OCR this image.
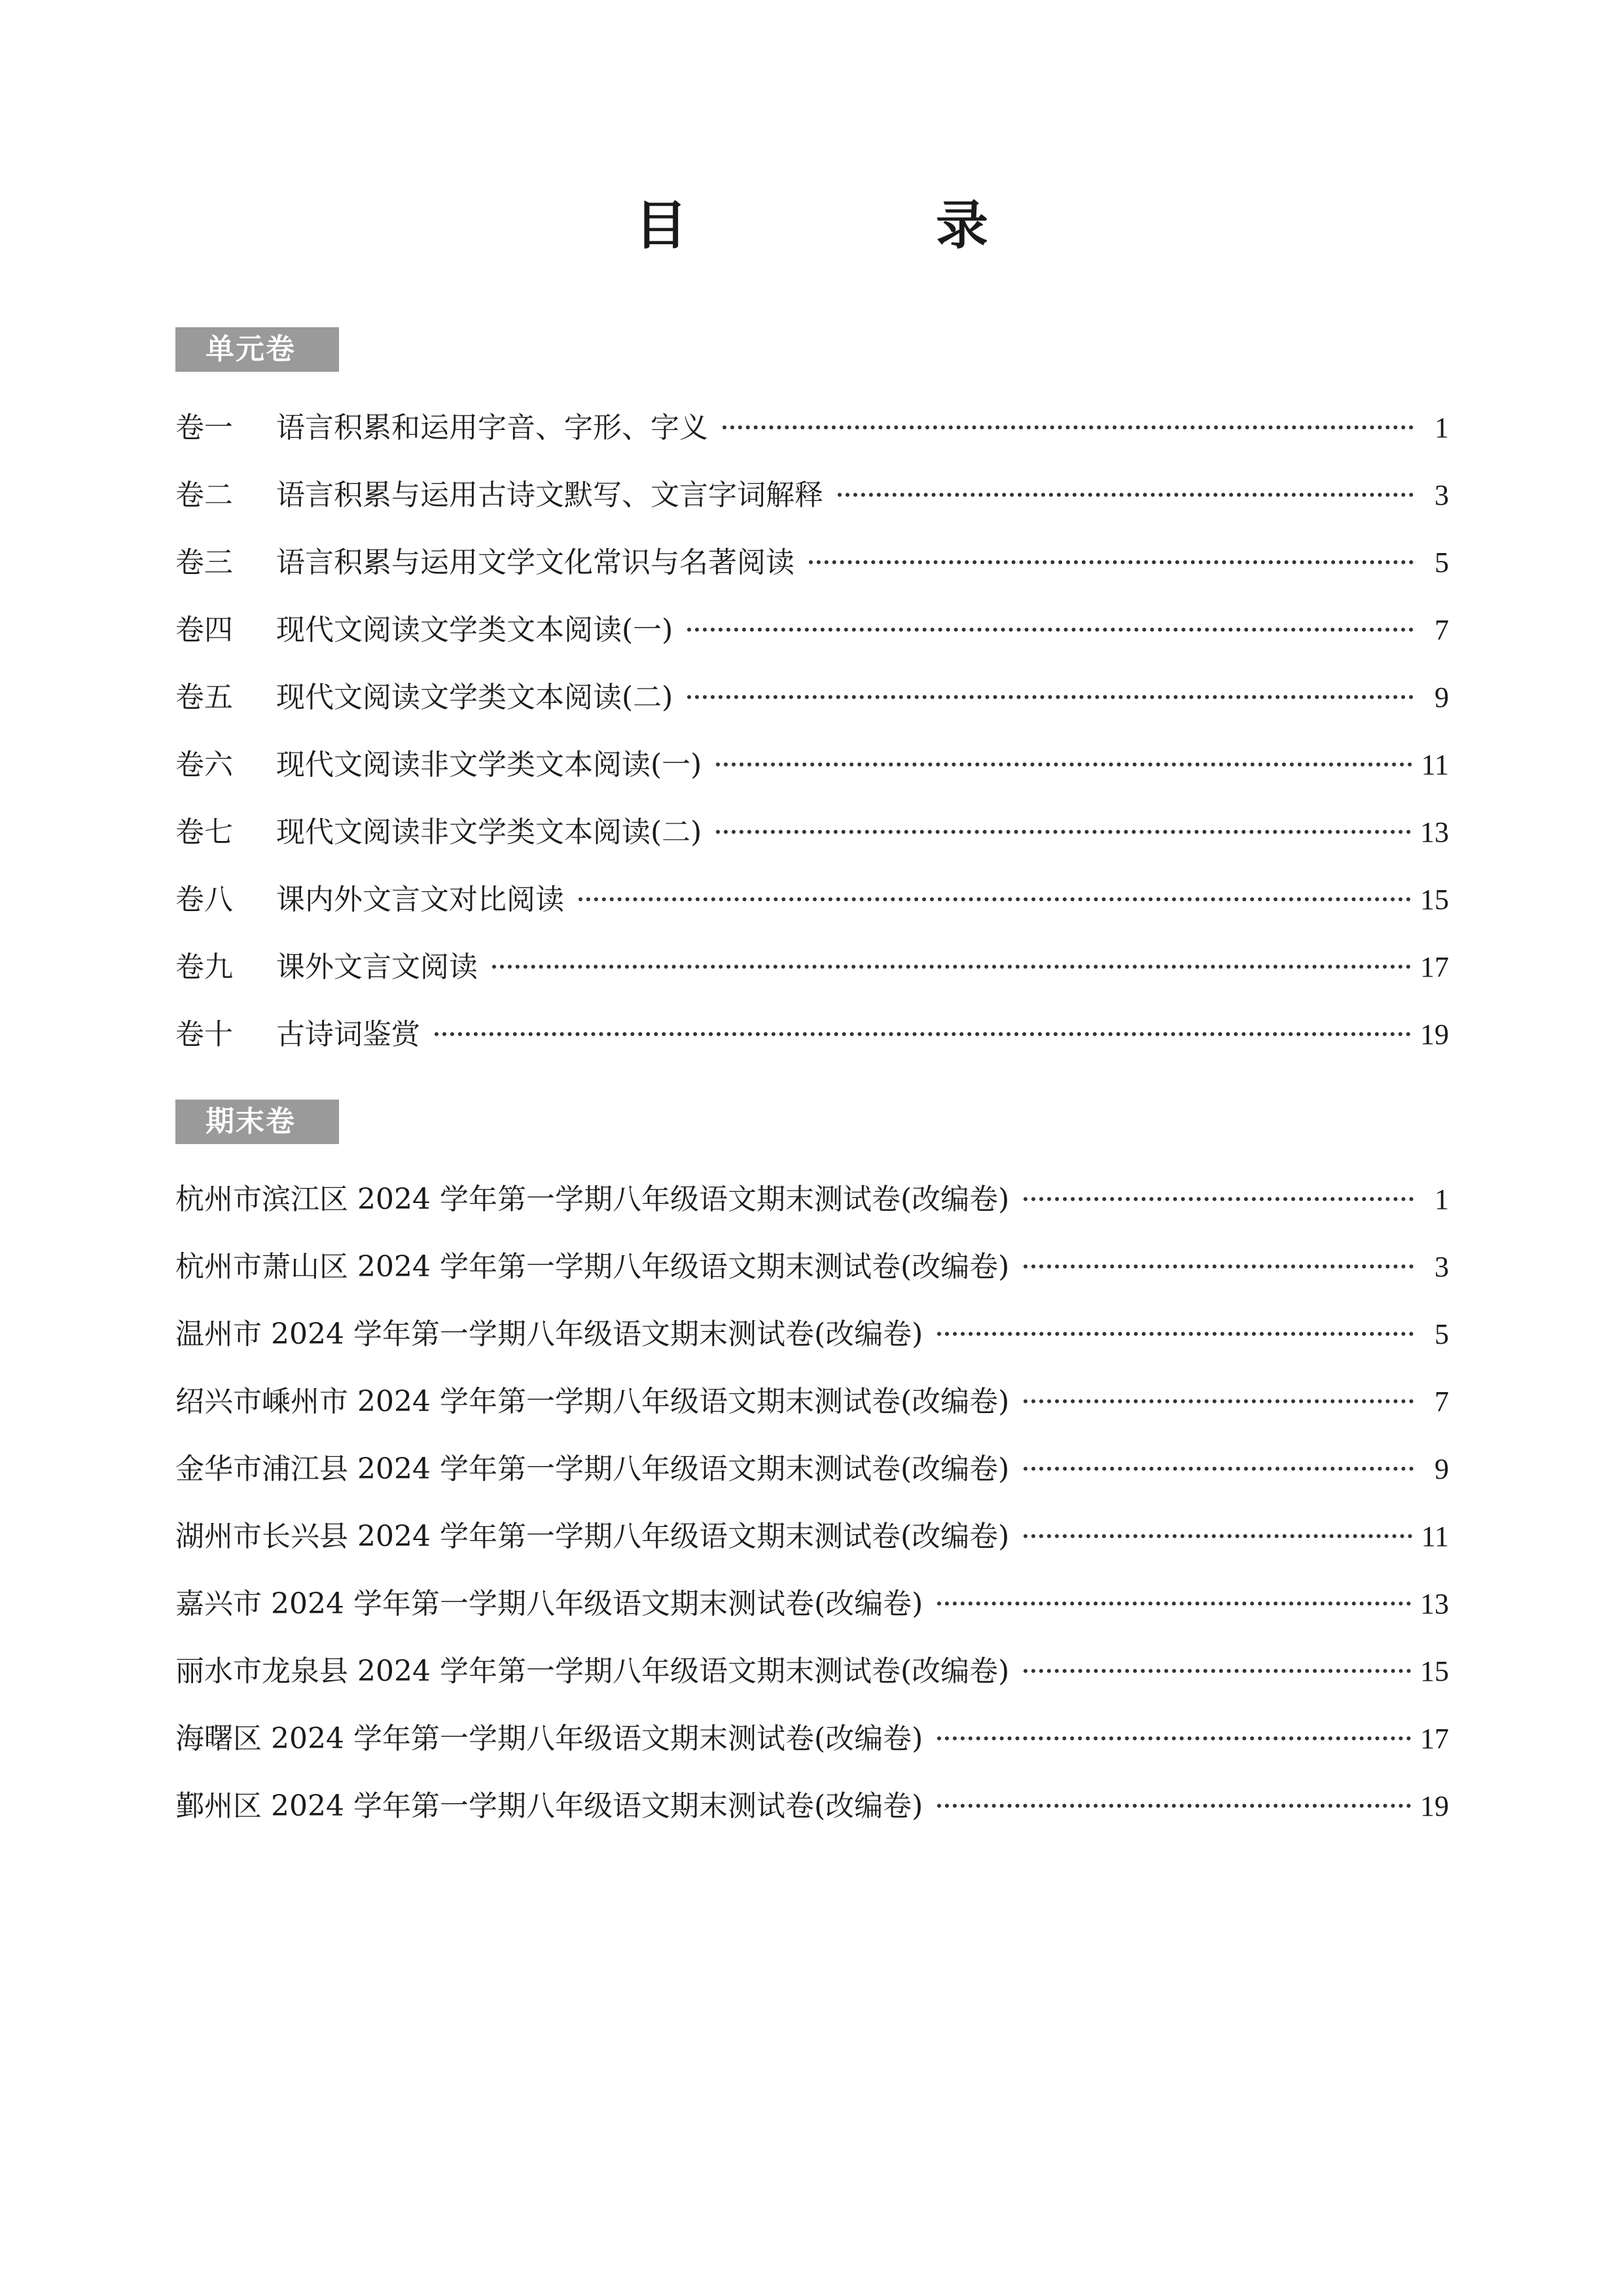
目　录
单元卷
卷一	语言积累和运用字音、字形、字义	1
卷二	语言积累与运用古诗文默写、文言字词解释	3
卷三	语言积累与运用文学文化常识与名著阅读	5
卷四	现代文阅读文学类文本阅读(一)	7
卷五	现代文阅读文学类文本阅读(二)	9
卷六	现代文阅读非文学类文本阅读(一)	11
卷七	现代文阅读非文学类文本阅读(二)	13
卷八	课内外文言文对比阅读	15
卷九	课外文言文阅读	17
卷十	古诗词鉴赏	19
期末卷
杭州市滨江区 2024 学年第一学期八年级语文期末测试卷(改编卷)	1
杭州市萧山区 2024 学年第一学期八年级语文期末测试卷(改编卷)	3
温州市 2024 学年第一学期八年级语文期末测试卷(改编卷)	5
绍兴市嵊州市 2024 学年第一学期八年级语文期末测试卷(改编卷)	7
金华市浦江县 2024 学年第一学期八年级语文期末测试卷(改编卷)	9
湖州市长兴县 2024 学年第一学期八年级语文期末测试卷(改编卷)	11
嘉兴市 2024 学年第一学期八年级语文期末测试卷(改编卷)	13
丽水市龙泉县 2024 学年第一学期八年级语文期末测试卷(改编卷)	15
海曙区 2024 学年第一学期八年级语文期末测试卷(改编卷)	17
鄞州区 2024 学年第一学期八年级语文期末测试卷(改编卷)	19
